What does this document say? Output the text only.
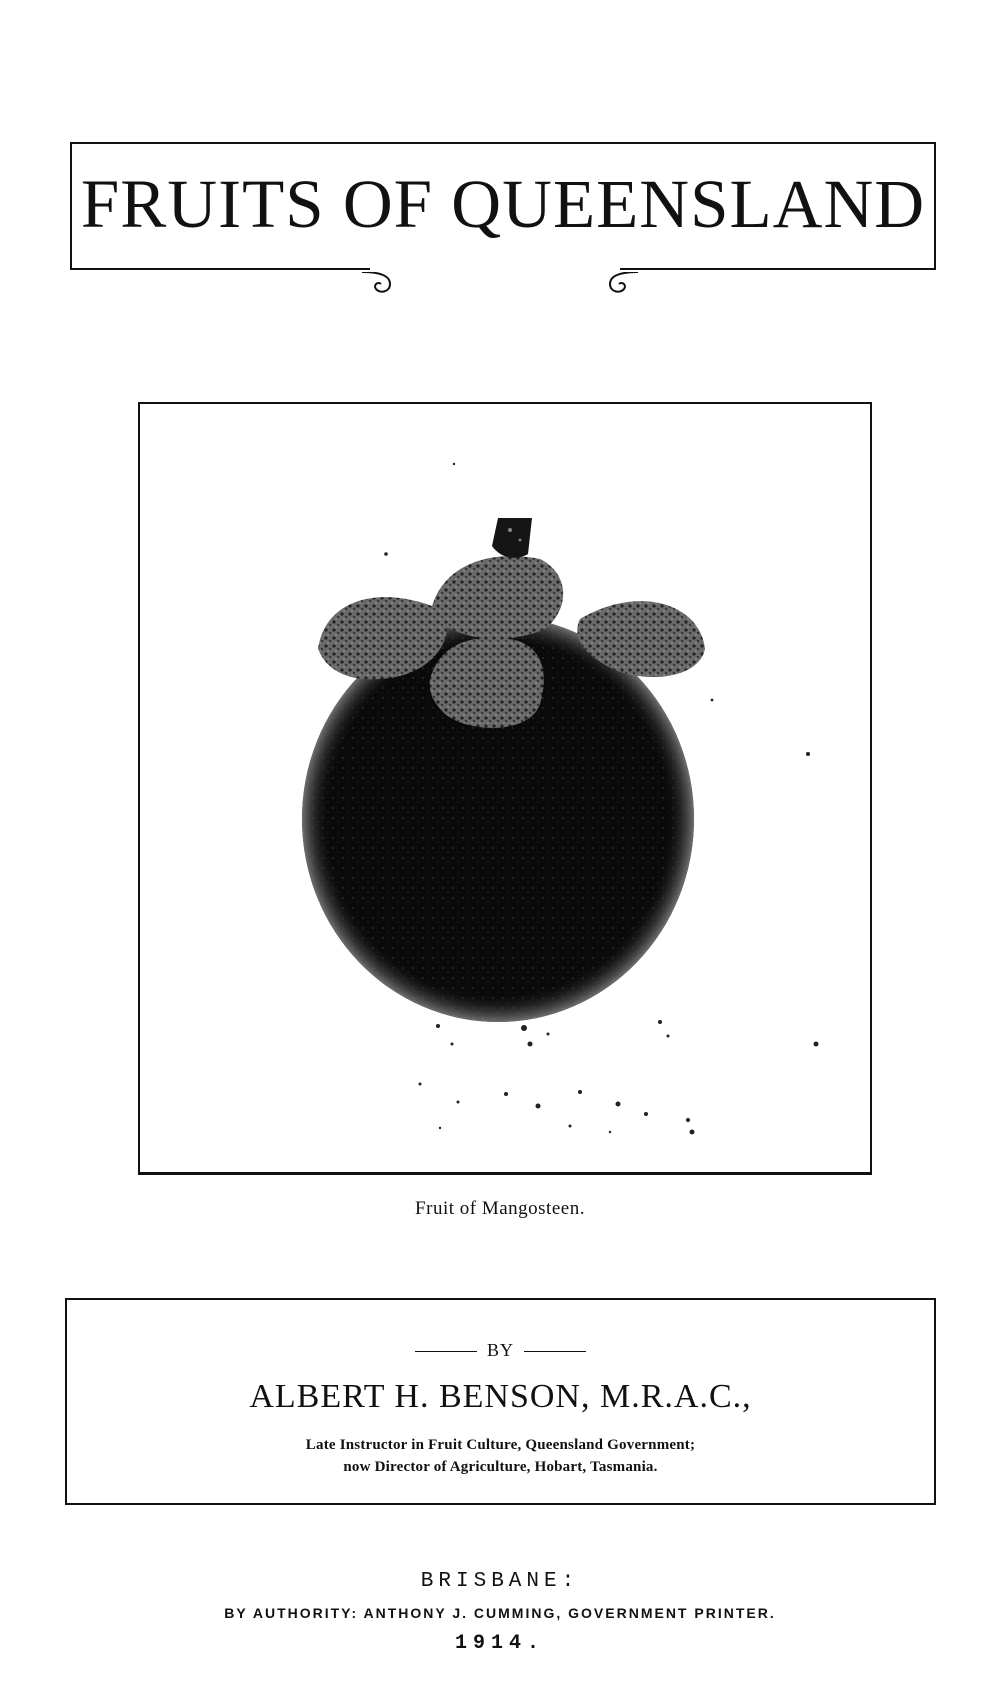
FRUITS OF QUEENSLAND
Fruit of Mangosteen.
BY
ALBERT H. BENSON, M.R.A.C.,
Late Instructor in Fruit Culture, Queensland Government;
now Director of Agriculture, Hobart, Tasmania.
BRISBANE:
BY AUTHORITY: ANTHONY J. CUMMING, GOVERNMENT PRINTER.
1914.
